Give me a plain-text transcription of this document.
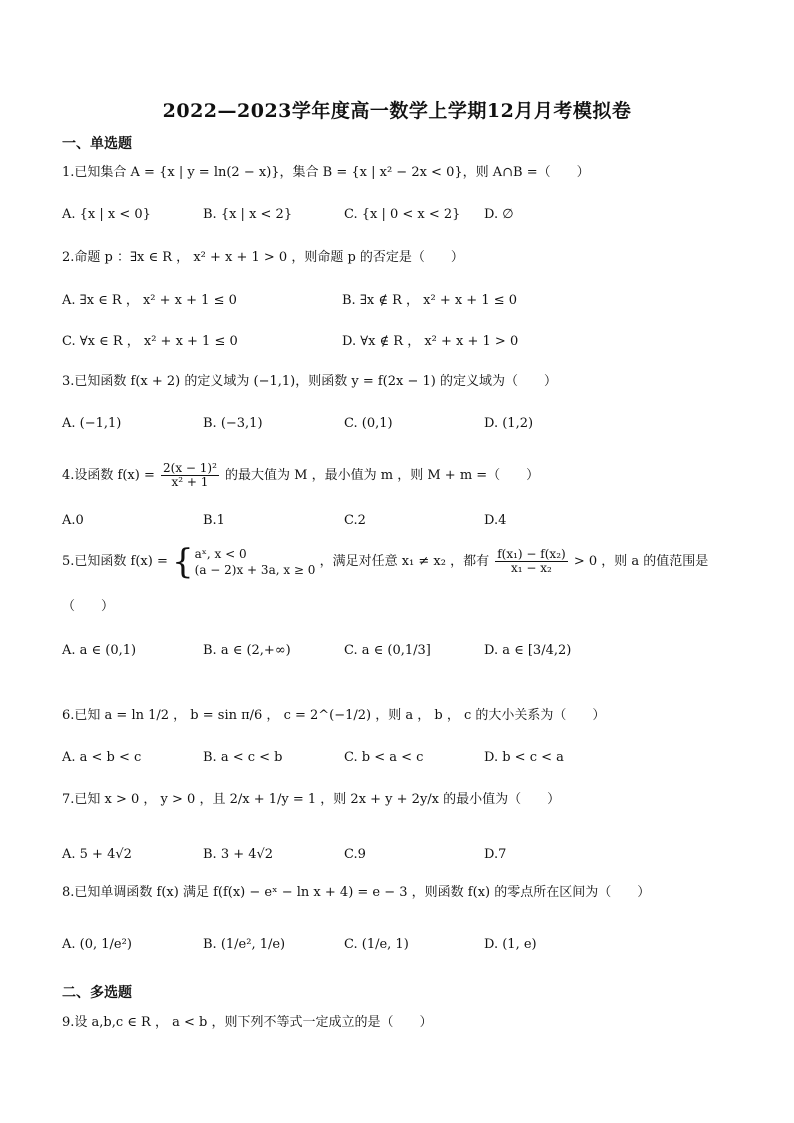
2022—2023学年度高一数学上学期12月月考模拟卷
一、单选题
1.已知集合 A = {x | y = ln(2 − x)}，集合 B = {x | x² − 2x < 0}，则 A∩B =（　　）
A. {x | x < 0}	B. {x | x < 2}	C. {x | 0 < x < 2} D. ∅
2.命题 p ：∃x ∈ R ， x² + x + 1 > 0 ，则命题 p 的否定是（　　）
A. ∃x ∈ R ， x² + x + 1 ≤ 0	B. ∃x ∉ R ， x² + x + 1 ≤ 0
C. ∀x ∈ R ， x² + x + 1 ≤ 0	D. ∀x ∉ R ， x² + x + 1 > 0
3.已知函数 f(x + 2) 的定义域为 (−1,1)，则函数 y = f(2x − 1) 的定义域为（　　）
A. (−1,1)	B. (−3,1)	C. (0,1)	D. (1,2)
4.设函数 $f(x) = \frac{\text{2(x − 1)²}}{\text{x² + 1}}$ 的最大值为 M ，最小值为 m ，则 M + m =（　　）
A.0	B.1	C.2	D.4
5.已知函数 f(x) = { aˣ, x < 0
(a − 2)x + 3a, x ≥ 0
，满足对任意 x₁ ≠ x₂ ，都有 $\frac{\text{f(x₁) − f(x₂)}}{\text{x₁ − x₂}} > 0$ ，则 a 的值范围是
（　　）
A. a ∈ (0,1)	B. a ∈ (2,+∞)	C. a ∈ (0,1/3]	D. a ∈ [3/4,2)
6.已知 a = ln 1/2 ， b = sin π/6 ， c = 2^(−1/2) ，则 a ， b ， c 的大小关系为（　　）
A. a < b < c	B. a < c < b	C. b < a < c	D. b < c < a
7.已知 x > 0 ， y > 0 ，且 2/x + 1/y = 1 ，则 2x + y + 2y/x 的最小值为（　　）
A. 5 + 4√2	B. 3 + 4√2	C.9	D.7
8.已知单调函数 f(x) 满足 f(f(x) − eˣ − ln x + 4) = e − 3 ，则函数 f(x) 的零点所在区间为（　　）
A. (0, 1/e²)	B. (1/e², 1/e)	C. (1/e, 1)	D. (1, e)
二、多选题
9.设 a,b,c ∈ R ， a < b ，则下列不等式一定成立的是（　　）
